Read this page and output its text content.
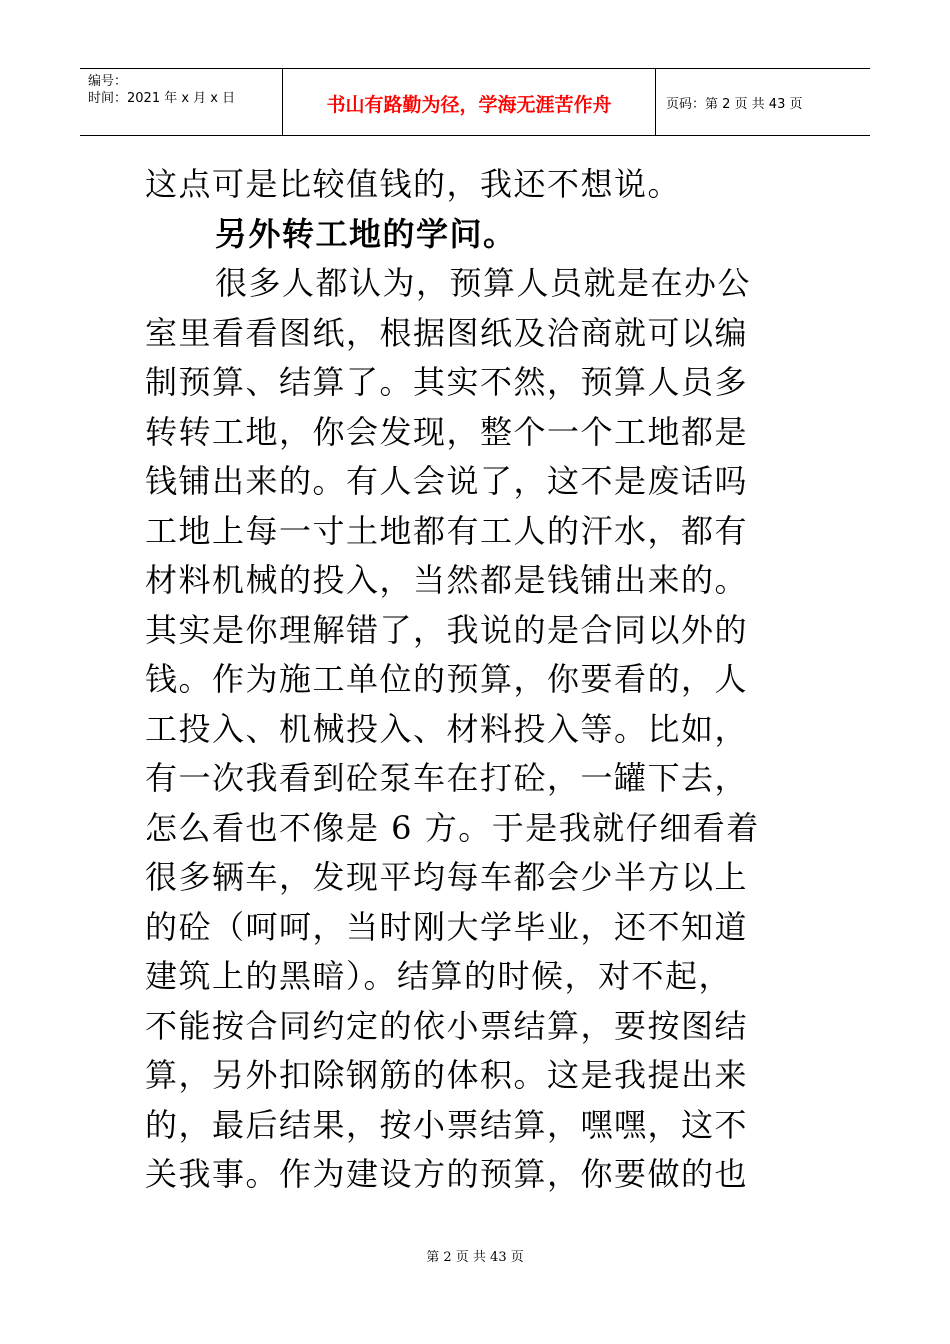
编号：
时间：2021 年 x 月 x 日	书山有路勤为径，学海无涯苦作舟	页码：第 2 页 共 43 页
这点可是比较值钱的，我还不想说。
另外转工地的学问。
很多人都认为，预算人员就是在办公
室里看看图纸，根据图纸及洽商就可以编
制预算、结算了。其实不然，预算人员多
转转工地，你会发现，整个一个工地都是
钱铺出来的。有人会说了，这不是废话吗
工地上每一寸土地都有工人的汗水，都有
材料机械的投入，当然都是钱铺出来的。
其实是你理解错了，我说的是合同以外的
钱。作为施工单位的预算，你要看的，人
工投入、机械投入、材料投入等。比如，
有一次我看到砼泵车在打砼，一罐下去，
怎么看也不像是 6 方。于是我就仔细看着
很多辆车，发现平均每车都会少半方以上
的砼（呵呵，当时刚大学毕业，还不知道
建筑上的黑暗）。结算的时候，对不起，
不能按合同约定的依小票结算，要按图结
算，另外扣除钢筋的体积。这是我提出来
的，最后结果，按小票结算，嘿嘿，这不
关我事。作为建设方的预算，你要做的也
第 2 页 共 43 页
